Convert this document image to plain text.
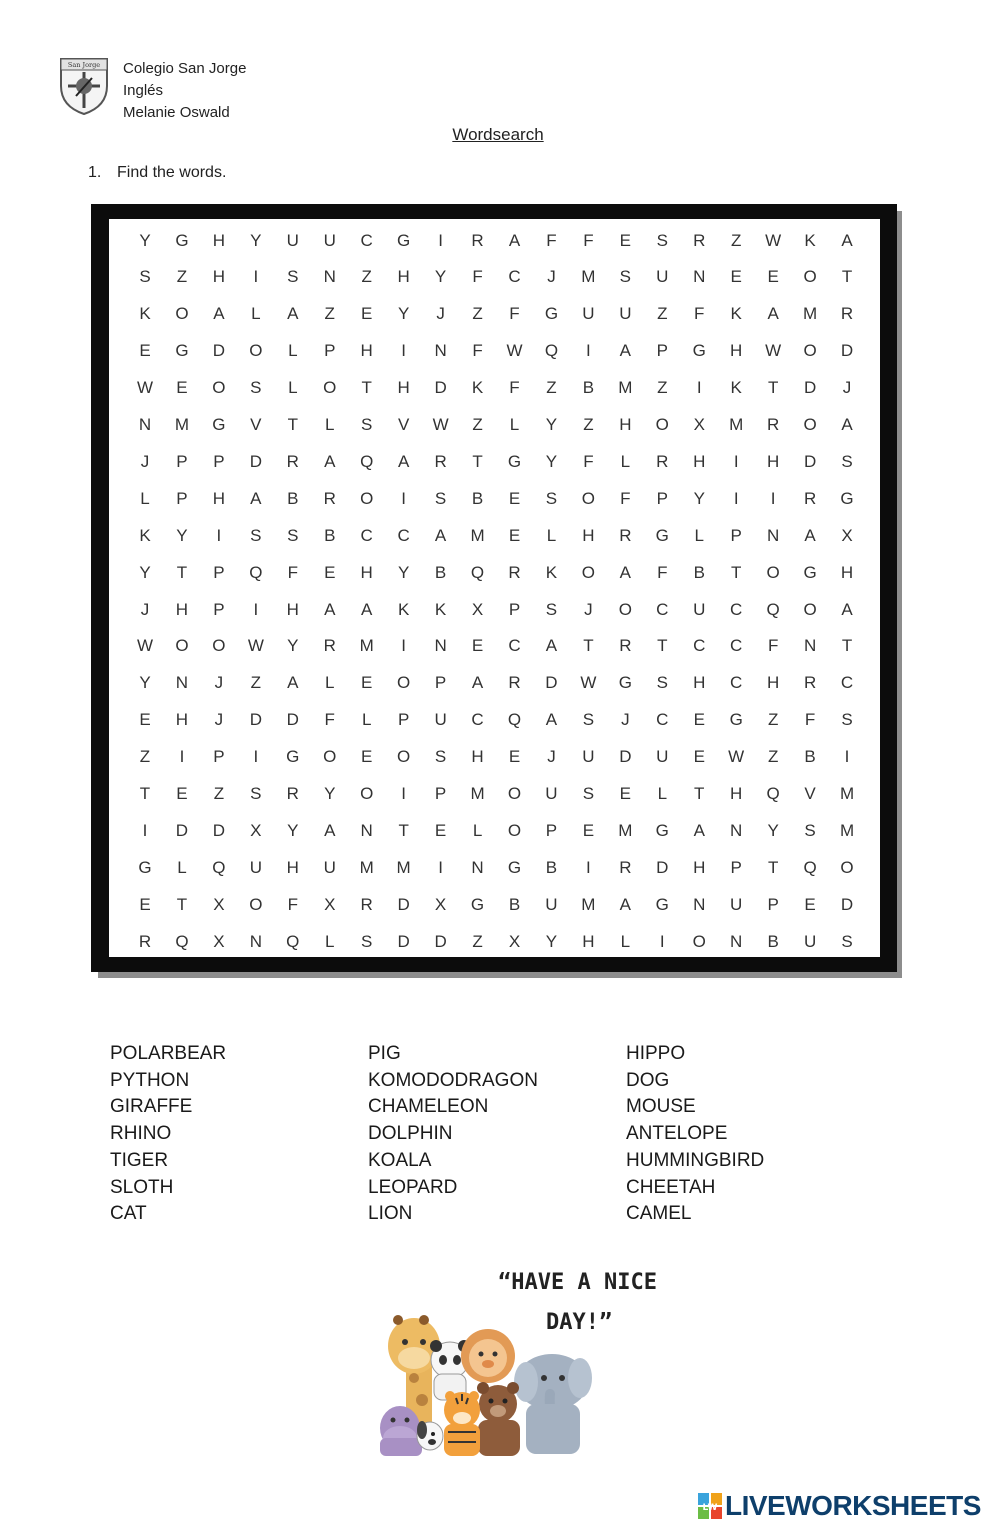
San Jorge Colegio San Jorge
Inglés
Melanie Oswald
Wordsearch
1. Find the words.
Y	G	H	Y	U	U	C	G	I	R	A	F	F	E	S	R	Z	W	K	A
S	Z	H	I	S	N	Z	H	Y	F	C	J	M	S	U	N	E	E	O	T
K	O	A	L	A	Z	E	Y	J	Z	F	G	U	U	Z	F	K	A	M	R
E	G	D	O	L	P	H	I	N	F	W	Q	I	A	P	G	H	W	O	D
W	E	O	S	L	O	T	H	D	K	F	Z	B	M	Z	I	K	T	D	J
N	M	G	V	T	L	S	V	W	Z	L	Y	Z	H	O	X	M	R	O	A
J	P	P	D	R	A	Q	A	R	T	G	Y	F	L	R	H	I	H	D	S
L	P	H	A	B	R	O	I	S	B	E	S	O	F	P	Y	I	I	R	G
K	Y	I	S	S	B	C	C	A	M	E	L	H	R	G	L	P	N	A	X
Y	T	P	Q	F	E	H	Y	B	Q	R	K	O	A	F	B	T	O	G	H
J	H	P	I	H	A	A	K	K	X	P	S	J	O	C	U	C	Q	O	A
W	O	O	W	Y	R	M	I	N	E	C	A	T	R	T	C	C	F	N	T
Y	N	J	Z	A	L	E	O	P	A	R	D	W	G	S	H	C	H	R	C
E	H	J	D	D	F	L	P	U	C	Q	A	S	J	C	E	G	Z	F	S
Z	I	P	I	G	O	E	O	S	H	E	J	U	D	U	E	W	Z	B	I
T	E	Z	S	R	Y	O	I	P	M	O	U	S	E	L	T	H	Q	V	M
I	D	D	X	Y	A	N	T	E	L	O	P	E	M	G	A	N	Y	S	M
G	L	Q	U	H	U	M	M	I	N	G	B	I	R	D	H	P	T	Q	O
E	T	X	O	F	X	R	D	X	G	B	U	M	A	G	N	U	P	E	D
R	Q	X	N	Q	L	S	D	D	Z	X	Y	H	L	I	O	N	B	U	S
POLARBEAR
PYTHON
GIRAFFE
RHINO
TIGER
SLOTH
CAT
PIG
KOMODODRAGON
CHAMELEON
DOLPHIN
KOALA
LEOPARD
LION
HIPPO
DOG
MOUSE
ANTELOPE
HUMMINGBIRD
CHEETAH
CAMEL
“HAVE A NICE
DAY!”
LW LIVEWORKSHEETS
